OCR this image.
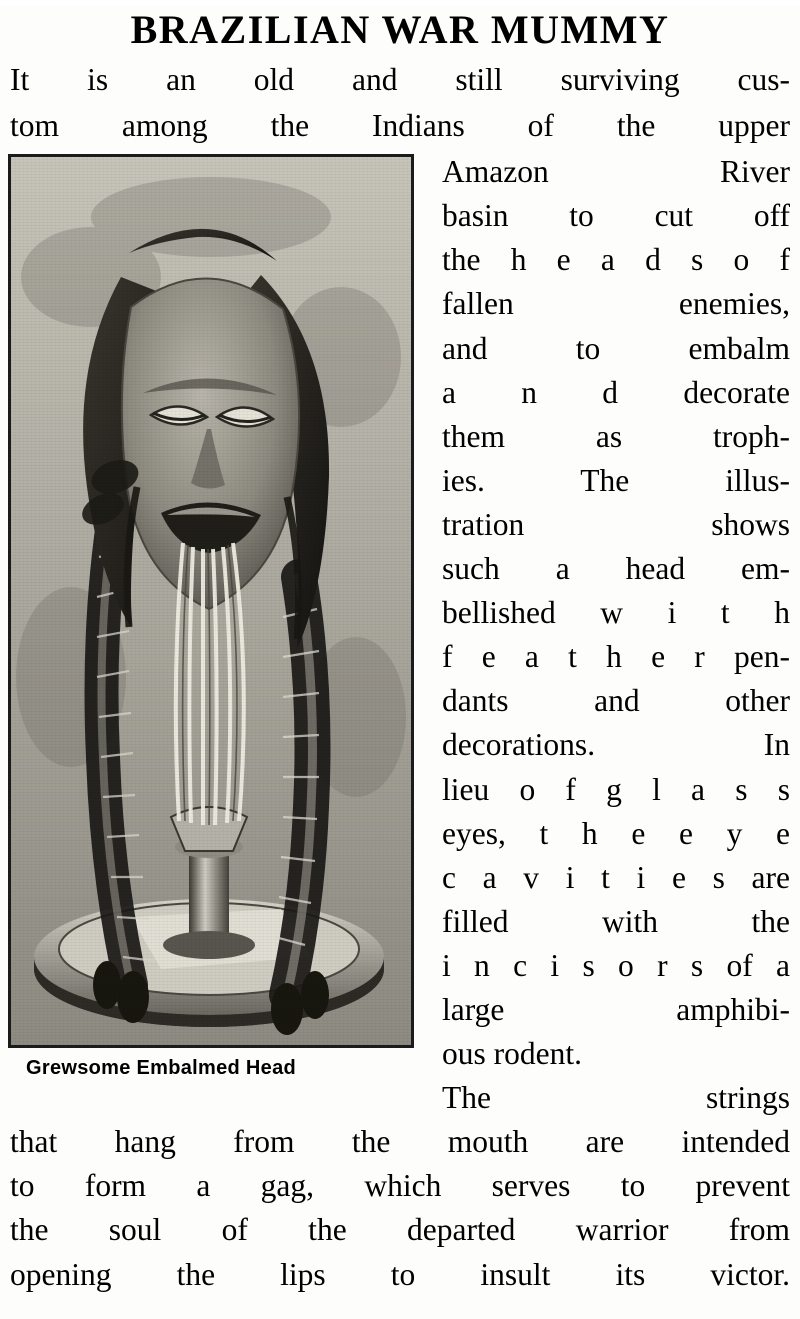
BRAZILIAN WAR MUMMY
It is an old and still surviving cus-
tom among the Indians of the upper
Grewsome Embalmed Head
Amazon River
basin to cut off
the h e a d s o f
fallen enemies,
and to embalm
a n d decorate
them as troph-
ies. The illus-
tration shows
such a head em-
bellished w i t h
f e a t h e r pen-
dants and other
decorations. In
lieu o f g l a s s
eyes, t h e e y e
c a v i t i e s are
filled with the
i n c i s o r s of a
large amphibi-
ous rodent.
The strings
that hang from the mouth are intended
to form a gag, which serves to prevent
the soul of the departed warrior from
opening the lips to insult its victor.
